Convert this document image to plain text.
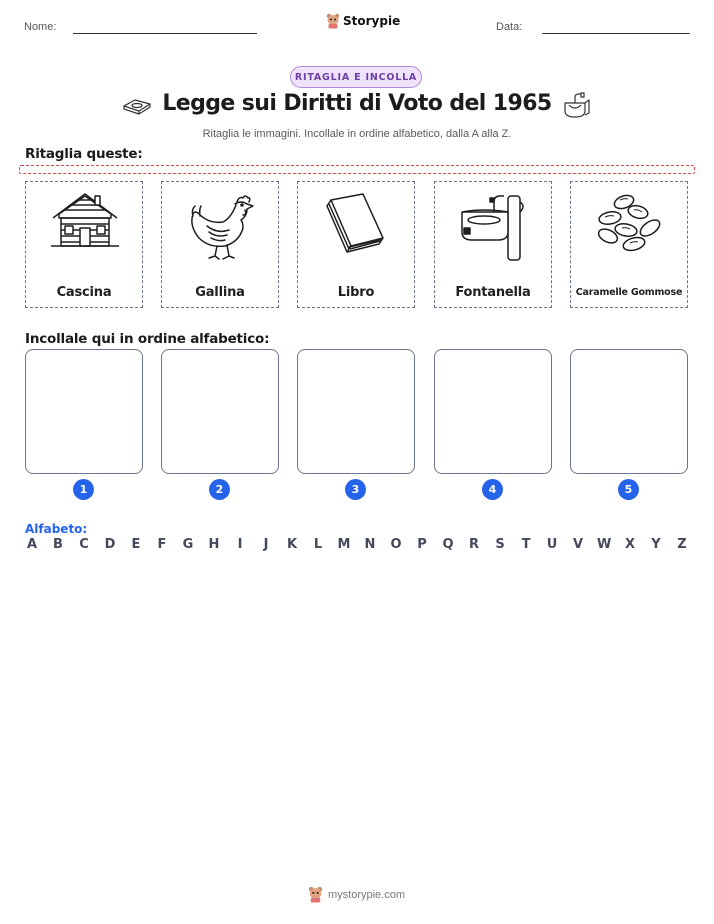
Nome:	Storypie	Data:
RITAGLIA E INCOLLA
Legge sui Diritti di Voto del 1965
Ritaglia le immagini. Incollale in ordine alfabetico, dalla A alla Z.
Ritaglia queste:
Cascina	Gallina	Libro	Fontanella	Caramelle Gommose
Incollale qui in ordine alfabetico:
1	2	3	4	5
Alfabeto:
A B C D E F G H	I	J	K L M N O P Q R S T U V W X Y Z
mystorypie.com
